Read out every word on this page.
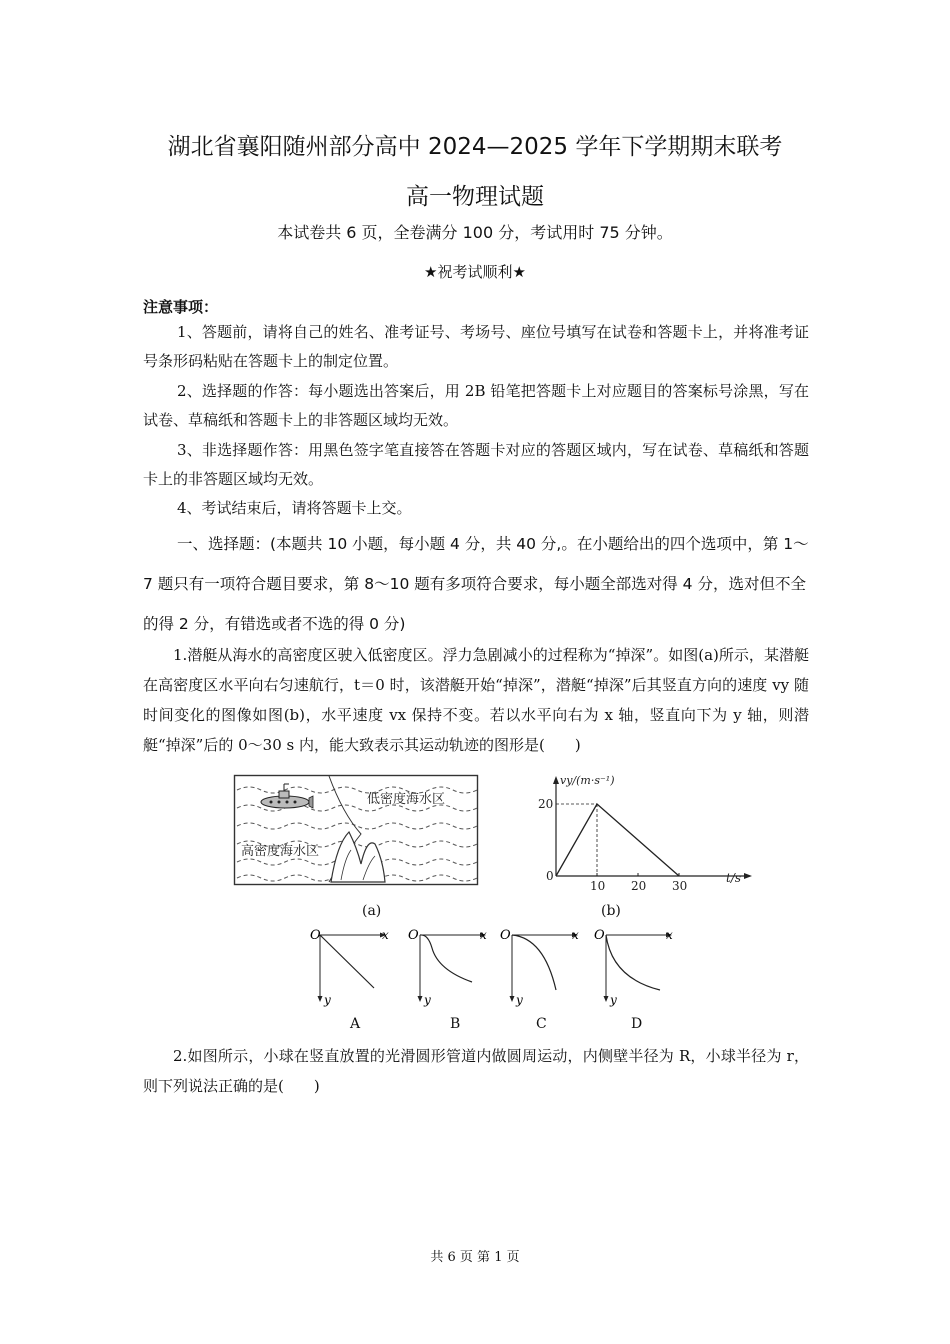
湖北省襄阳随州部分高中 2024—2025 学年下学期期末联考
高一物理试题
本试卷共 6 页，全卷满分 100 分，考试用时 75 分钟。
★祝考试顺利★
注意事项：
1、答题前，请将自己的姓名、准考证号、考场号、座位号填写在试卷和答题卡上，并将准考证号条形码粘贴在答题卡上的制定位置。
2、选择题的作答：每小题选出答案后，用 2B 铅笔把答题卡上对应题目的答案标号涂黑，写在试卷、草稿纸和答题卡上的非答题区域均无效。
3、非选择题作答：用黑色签字笔直接答在答题卡对应的答题区域内，写在试卷、草稿纸和答题卡上的非答题区域均无效。
4、考试结束后，请将答题卡上交。
一、选择题：(本题共 10 小题，每小题 4 分，共 40 分,。在小题给出的四个选项中，第 1～7 题只有一项符合题目要求，第 8～10 题有多项符合要求，每小题全部选对得 4 分，选对但不全的得 2 分，有错选或者不选的得 0 分)
1.潜艇从海水的高密度区驶入低密度区。浮力急剧减小的过程称为“掉深”。如图(a)所示，某潜艇在高密度区水平向右匀速航行，t＝0 时，该潜艇开始“掉深”，潜艇“掉深”后其竖直方向的速度 vy 随时间变化的图像如图(b)，水平速度 vx 保持不变。若以水平向右为 x 轴，竖直向下为 y 轴，则潜艇“掉深”后的 0～30 s 内，能大致表示其运动轨迹的图形是(　　)
低密度海水区
高密度海水区
(a)
10 20 30
20
vy/(m·s⁻¹)
t/s
0
(b)
O	x
y
A
O	x
y
B
O	x
y
C
O	x
y
D
2.如图所示，小球在竖直放置的光滑圆形管道内做圆周运动，内侧壁半径为 R，小球半径为 r，则下列说法正确的是(　　)
共 6 页 第 1 页
